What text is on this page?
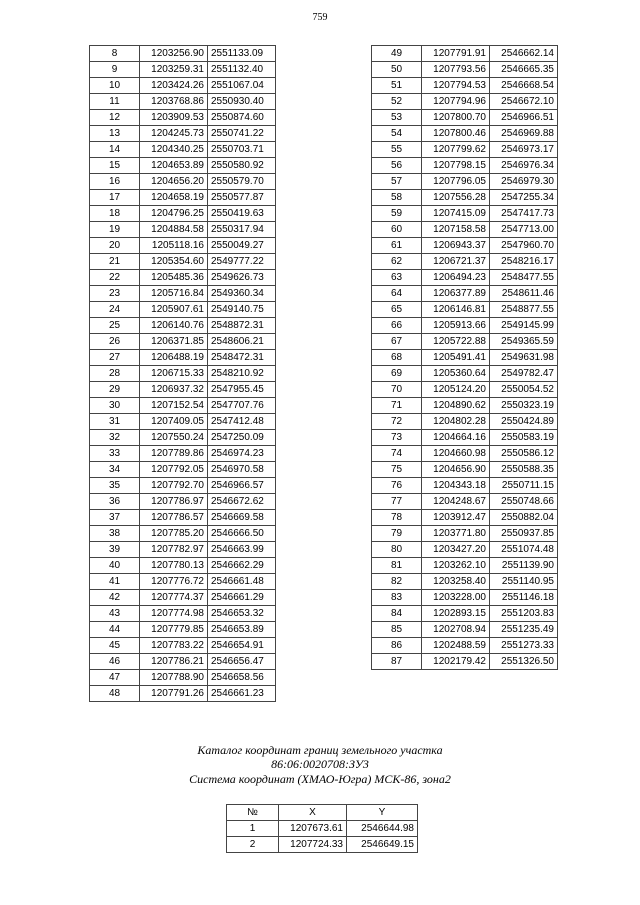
759
8	1203256.90	2551133.09
9	1203259.31	2551132.40
10	1203424.26	2551067.04
11	1203768.86	2550930.40
12	1203909.53	2550874.60
13	1204245.73	2550741.22
14	1204340.25	2550703.71
15	1204653.89	2550580.92
16	1204656.20	2550579.70
17	1204658.19	2550577.87
18	1204796.25	2550419.63
19	1204884.58	2550317.94
20	1205118.16	2550049.27
21	1205354.60	2549777.22
22	1205485.36	2549626.73
23	1205716.84	2549360.34
24	1205907.61	2549140.75
25	1206140.76	2548872.31
26	1206371.85	2548606.21
27	1206488.19	2548472.31
28	1206715.33	2548210.92
29	1206937.32	2547955.45
30	1207152.54	2547707.76
31	1207409.05	2547412.48
32	1207550.24	2547250.09
33	1207789.86	2546974.23
34	1207792.05	2546970.58
35	1207792.70	2546966.57
36	1207786.97	2546672.62
37	1207786.57	2546669.58
38	1207785.20	2546666.50
39	1207782.97	2546663.99
40	1207780.13	2546662.29
41	1207776.72	2546661.48
42	1207774.37	2546661.29
43	1207774.98	2546653.32
44	1207779.85	2546653.89
45	1207783.22	2546654.91
46	1207786.21	2546656.47
47	1207788.90	2546658.56
48	1207791.26	2546661.23
49	1207791.91	2546662.14
50	1207793.56	2546665.35
51	1207794.53	2546668.54
52	1207794.96	2546672.10
53	1207800.70	2546966.51
54	1207800.46	2546969.88
55	1207799.62	2546973.17
56	1207798.15	2546976.34
57	1207796.05	2546979.30
58	1207556.28	2547255.34
59	1207415.09	2547417.73
60	1207158.58	2547713.00
61	1206943.37	2547960.70
62	1206721.37	2548216.17
63	1206494.23	2548477.55
64	1206377.89	2548611.46
65	1206146.81	2548877.55
66	1205913.66	2549145.99
67	1205722.88	2549365.59
68	1205491.41	2549631.98
69	1205360.64	2549782.47
70	1205124.20	2550054.52
71	1204890.62	2550323.19
72	1204802.28	2550424.89
73	1204664.16	2550583.19
74	1204660.98	2550586.12
75	1204656.90	2550588.35
76	1204343.18	2550711.15
77	1204248.67	2550748.66
78	1203912.47	2550882.04
79	1203771.80	2550937.85
80	1203427.20	2551074.48
81	1203262.10	2551139.90
82	1203258.40	2551140.95
83	1203228.00	2551146.18
84	1202893.15	2551203.83
85	1202708.94	2551235.49
86	1202488.59	2551273.33
87	1202179.42	2551326.50
Каталог координат границ земельного участка
86:06:0020708:ЗУ3
Система координат (ХМАО-Югра) МСК-86, зона2
№	X	Y
1	1207673.61	2546644.98
2	1207724.33	2546649.15
